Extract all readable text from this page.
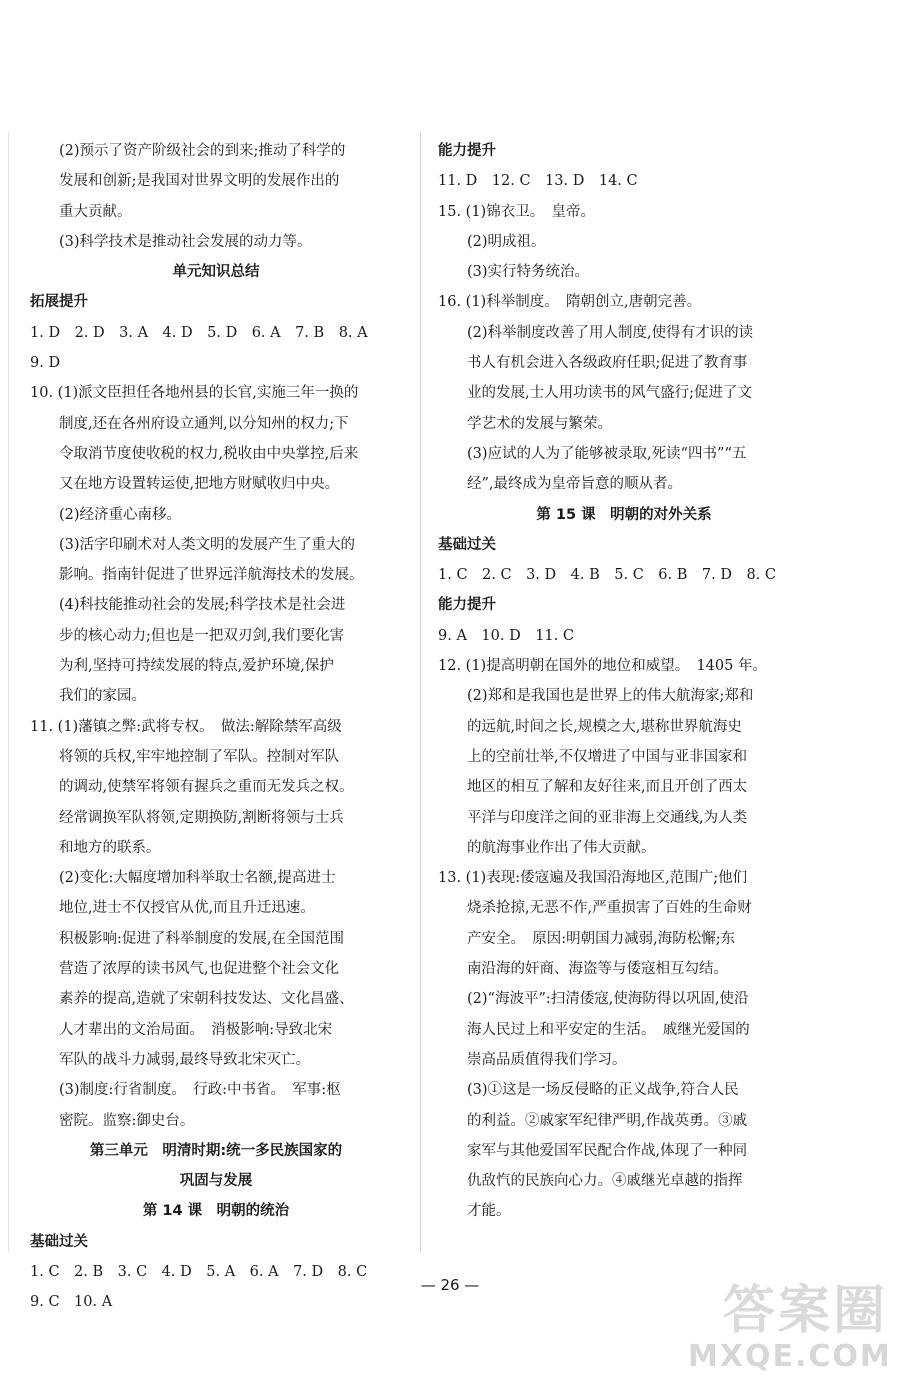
(2)预示了资产阶级社会的到来;推动了科学的
发展和创新;是我国对世界文明的发展作出的
重大贡献。
(3)科学技术是推动社会发展的动力等。
单元知识总结
拓展提升
1. D　2. D　3. A　4. D　5. D　6. A　7. B　8. A
9. D
10. (1)派文臣担任各地州县的长官,实施三年一换的
制度,还在各州府设立通判,以分知州的权力;下
令取消节度使收税的权力,税收由中央掌控,后来
又在地方设置转运使,把地方财赋收归中央。
(2)经济重心南移。
(3)活字印刷术对人类文明的发展产生了重大的
影响。指南针促进了世界远洋航海技术的发展。
(4)科技能推动社会的发展;科学技术是社会进
步的核心动力;但也是一把双刃剑,我们要化害
为利,坚持可持续发展的特点,爱护环境,保护
我们的家园。
11. (1)藩镇之弊:武将专权。　做法:解除禁军高级
将领的兵权,牢牢地控制了军队。控制对军队
的调动,使禁军将领有握兵之重而无发兵之权。
经常调换军队将领,定期换防,割断将领与士兵
和地方的联系。
(2)变化:大幅度增加科举取士名额,提高进士
地位,进士不仅授官从优,而且升迁迅速。
积极影响:促进了科举制度的发展,在全国范围
营造了浓厚的读书风气,也促进整个社会文化
素养的提高,造就了宋朝科技发达、文化昌盛、
人才辈出的文治局面。　消极影响:导致北宋
军队的战斗力减弱,最终导致北宋灭亡。
(3)制度:行省制度。　行政:中书省。　军事:枢
密院。监察:御史台。
第三单元　明清时期:统一多民族国家的
巩固与发展
第 14 课　明朝的统治
基础过关
1. C　2. B　3. C　4. D　5. A　6. A　7. D　8. C
9. C　10. A
能力提升
11. D　12. C　13. D　14. C
15. (1)锦衣卫。　皇帝。
(2)明成祖。
(3)实行特务统治。
16. (1)科举制度。　隋朝创立,唐朝完善。
(2)科举制度改善了用人制度,使得有才识的读
书人有机会进入各级政府任职;促进了教育事
业的发展,士人用功读书的风气盛行;促进了文
学艺术的发展与繁荣。
(3)应试的人为了能够被录取,死读“四书”“五
经”,最终成为皇帝旨意的顺从者。
第 15 课　明朝的对外关系
基础过关
1. C　2. C　3. D　4. B　5. C　6. B　7. D　8. C
能力提升
9. A　10. D　11. C
12. (1)提高明朝在国外的地位和威望。　1405 年。
(2)郑和是我国也是世界上的伟大航海家;郑和
的远航,时间之长,规模之大,堪称世界航海史
上的空前壮举,不仅增进了中国与亚非国家和
地区的相互了解和友好往来,而且开创了西太
平洋与印度洋之间的亚非海上交通线,为人类
的航海事业作出了伟大贡献。
13. (1)表现:倭寇遍及我国沿海地区,范围广;他们
烧杀抢掠,无恶不作,严重损害了百姓的生命财
产安全。　原因:明朝国力减弱,海防松懈;东
南沿海的奸商、海盗等与倭寇相互勾结。
(2)“海波平”:扫清倭寇,使海防得以巩固,使沿
海人民过上和平安定的生活。　戚继光爱国的
崇高品质值得我们学习。
(3)①这是一场反侵略的正义战争,符合人民
的利益。②戚家军纪律严明,作战英勇。③戚
家军与其他爱国军民配合作战,体现了一种同
仇敌忾的民族向心力。④戚继光卓越的指挥
才能。
— 26 —	答案圈
MXQE.COM
